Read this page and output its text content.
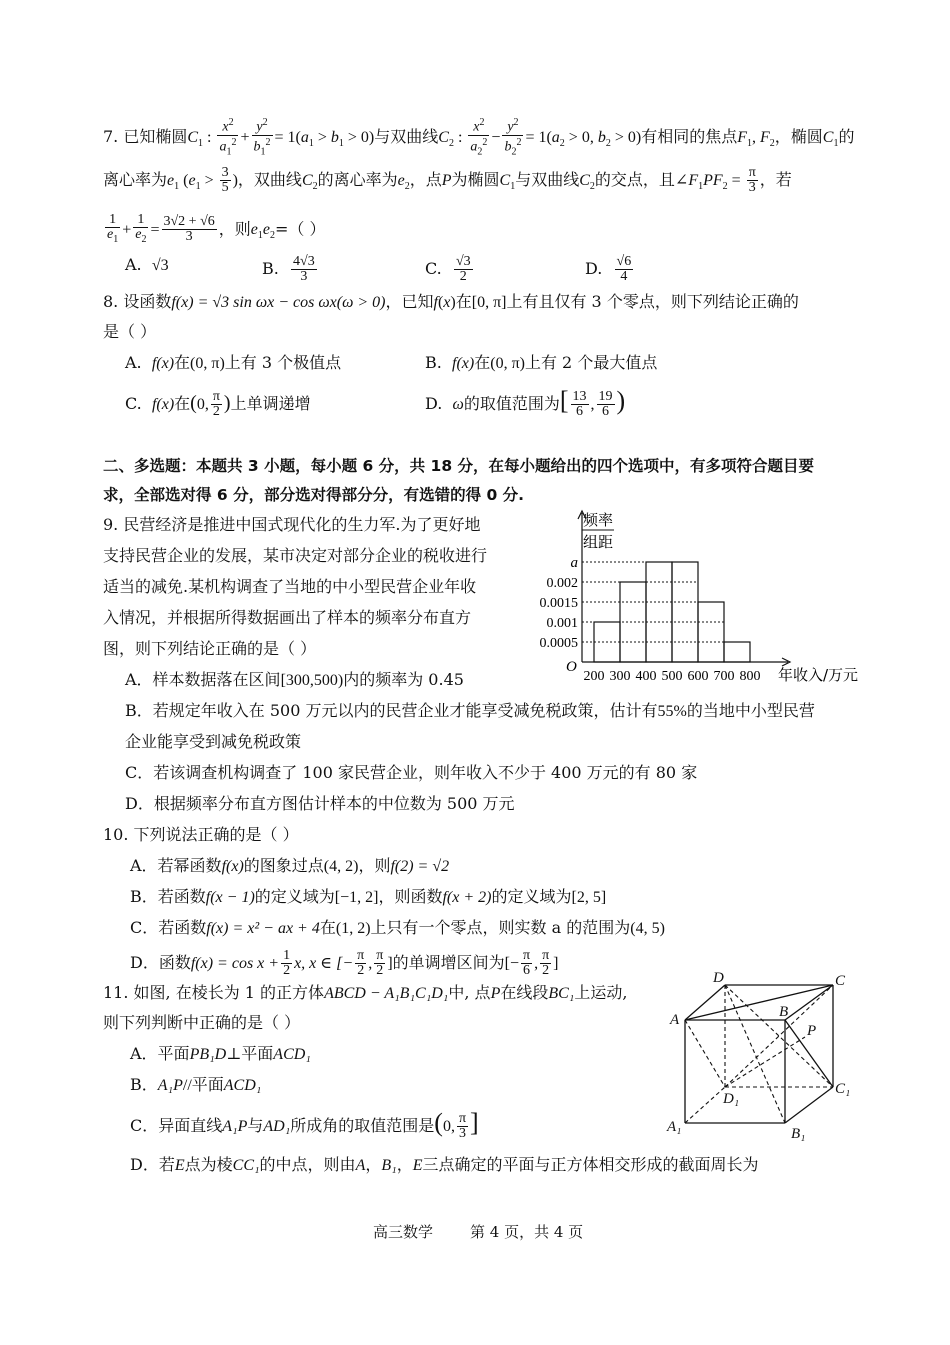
7. 已知椭圆$C_1$ : $\frac{x^2}{a_1^2} + \frac{y^2}{b_1^2} = 1(a_1 > b_1 > 0)$与双曲线$C_2$ : $\frac{x^2}{a_2^2} - \frac{y^2}{b_2^2} = 1(a_2 > 0$, $b_2 > 0$)有相同的焦点$F_1$, $F_2$，椭圆$C_1$的
离心率为$e_1$ ($e_1 > \frac{3}{5}$ )，双曲线$C_2$的离心率为$e_2$，点P为椭圆$C_1$与双曲线$C_2$的交点，且$\angle F_1PF_2 = \frac{\pi}{3}$ ，若
$\frac{1}{e_1} + \frac{1}{e_2} = \frac{3√2 + √6}{3}$ ，则$e_1e_2=$（ ）
A. √3	B. $\frac{4√3}{3}$	C. $\frac{√3}{2}$	D. $\frac{√6}{4}$
8. 设函数f(x) = √3 sin ωx − cos ωx(ω > 0)，已知f(x)在[0, π]上有且仅有 3 个零点，则下列结论正确的
是（ ）
A. f(x)在(0, π)上有 3 个极值点	B. f(x)在(0, π)上有 2 个最大值点
C. f(x)在(0, $\frac{\pi}{2}$ )上单调递增	D. ω的取值范围为[ $\frac{13}{6}$ , $\frac{19}{6}$ )
二、多选题：本题共 3 小题，每小题 6 分，共 18 分，在每小题给出的四个选项中，有多项符合题目要
求，全部选对得 6 分，部分选对得部分分，有选错的得 0 分.
9. 民营经济是推进中国式现代化的生力军.为了更好地
支持民营企业的发展，某市决定对部分企业的税收进行
适当的减免.某机构调查了当地的中小型民营企业年收
入情况，并根据所得数据画出了样本的频率分布直方
图，则下列结论正确的是（ ）
A．样本数据落在区间[300,500)内的频率为 0.45
B．若规定年收入在 500 万元以内的民营企业才能享受减免税政策，估计有55%的当地中小型民营
企业能享受到减免税政策
C．若该调查机构调查了 100 家民营企业，则年收入不少于 400 万元的有 80 家
D．根据频率分布直方图估计样本的中位数为 500 万元
频率
组距
O
a
0.002
0.0015
0.001
0.0005
200 300 400 500 600 700 800 年收入/万元
10. 下列说法正确的是（ ）
A．若幂函数f(x)的图象过点(4, 2)，则f(2) = √2
B．若函数f(x − 1)的定义域为[−1, 2]，则函数f(x + 2)的定义域为[2, 5]
C．若函数f(x) = x² − ax + 4在(1, 2)上只有一个零点，则实数 a 的范围为(4, 5)
D．函数$f(x) = \cos x + \frac{1}{2} x$, x ∈ [− $\frac{\pi}{2}$ , $\frac{\pi}{2}$ ]的单调增区间为[− $\frac{\pi}{6}$ , $\frac{\pi}{2}$ ]
11. 如图, 在棱长为 1 的正方体ABCD − A₁B₁C₁D₁中, 点P在线段BC₁上运动,
则下列判断中正确的是（ ）
A．平面PB₁D⊥平面ACD₁
B．A₁P//平面ACD₁
C．异面直线A₁P与AD₁所成角的取值范围是(0, $\frac{\pi}{3}$ ]
D．若E点为棱CC₁的中点，则由A，B₁，E三点确定的平面与正方体相交形成的截面周长为
D	C
A	B
P
D₁
C₁
A₁	B₁
高三数学 第 4 页，共 4 页
